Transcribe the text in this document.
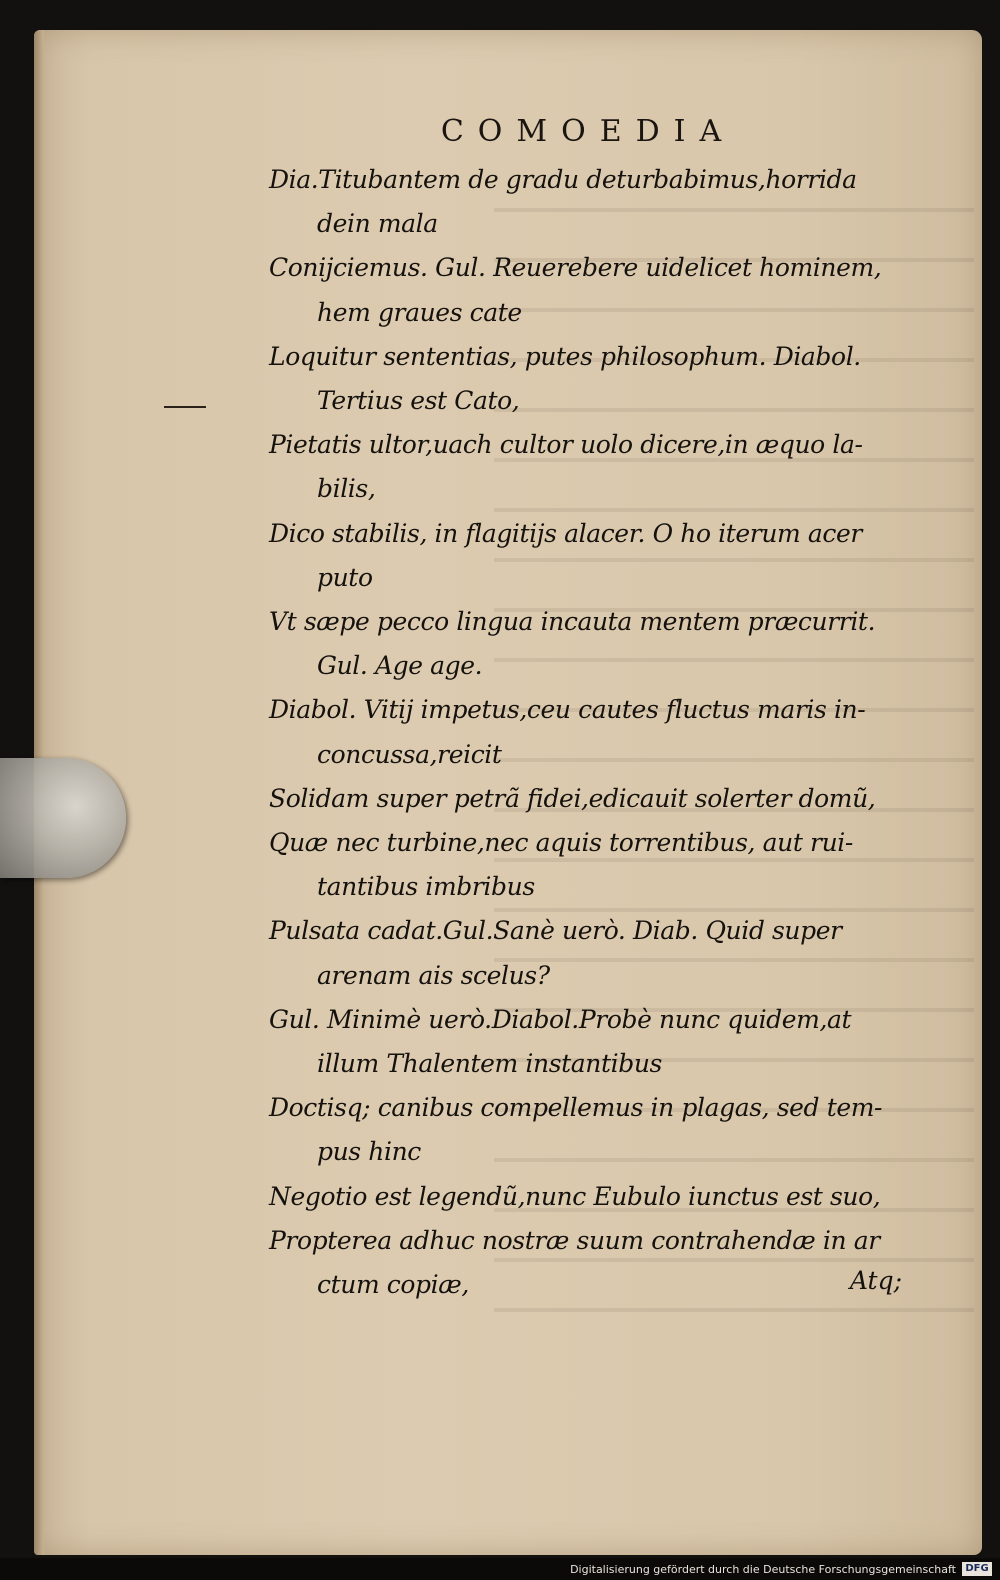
COMOEDIA
Dia.Titubantem de gradu deturbabimus,horrida
dein mala
Conijciemus. Gul. Reuerebere uidelicet hominem,
hem graues cate
Loquitur sententias, putes philosophum. Diabol.
Tertius est Cato,
Pietatis ultor,uach cultor uolo dicere,in æquo la-
bilis,
Dico stabilis, in flagitijs alacer. O ho iterum acer
puto
Vt sæpe pecco lingua incauta mentem præcurrit.
Gul. Age age.
Diabol. Vitij impetus,ceu cautes fluctus maris in-
concussa,reicit
Solidam super petrã fidei,edicauit solerter domũ,
Quæ nec turbine,nec aquis torrentibus, aut rui-
tantibus imbribus
Pulsata cadat.Gul.Sanè uerò. Diab. Quid super
arenam ais scelus?
Gul. Minimè uerò.Diabol.Probè nunc quidem,at
illum Thalentem instantibus
Doctisq; canibus compellemus in plagas, sed tem-
pus hinc
Negotio est legendũ,nunc Eubulo iunctus est suo,
Propterea adhuc nostræ suum contrahendæ in ar
ctum copiæ,	Atq;
Digitalisierung gefördert durch die Deutsche Forschungsgemeinschaft DFG
